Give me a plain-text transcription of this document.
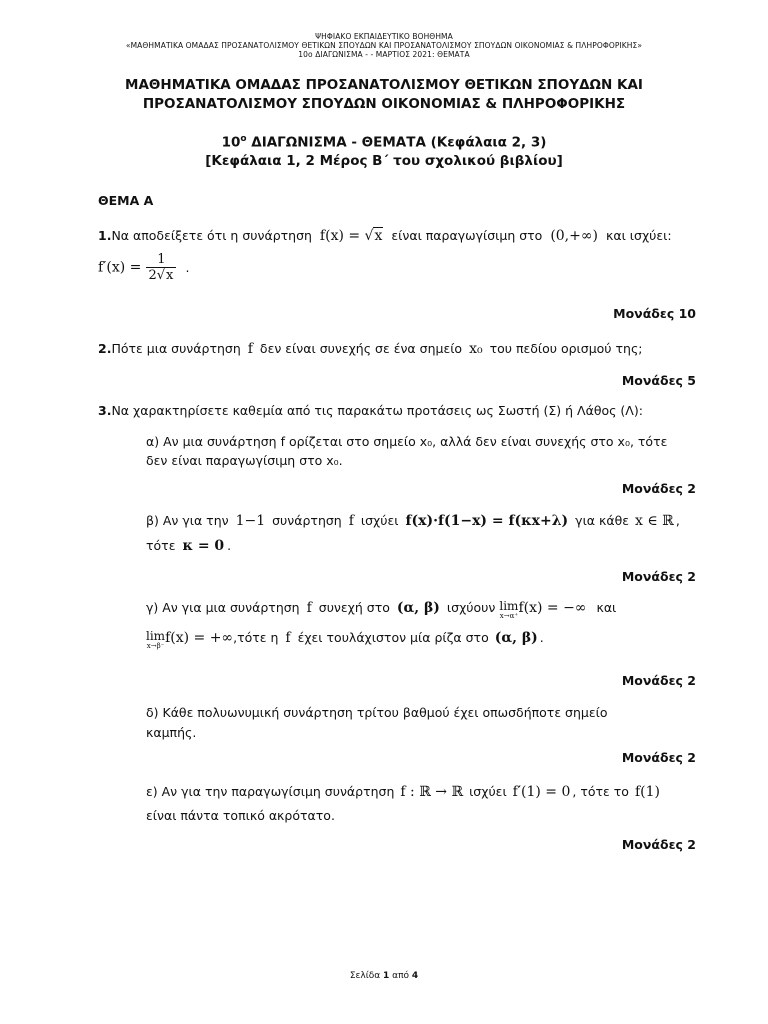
ΨΗΦΙΑΚΟ ΕΚΠΑΙΔΕΥΤΙΚΟ ΒΟΗΘΗΜΑ
«ΜΑΘΗΜΑΤΙΚΑ ΟΜΑΔΑΣ ΠΡΟΣΑΝΑΤΟΛΙΣΜΟΥ ΘΕΤΙΚΩΝ ΣΠΟΥΔΩΝ ΚΑΙ ΠΡΟΣΑΝΑΤΟΛΙΣΜΟΥ ΣΠΟΥΔΩΝ ΟΙΚΟΝΟΜΙΑΣ & ΠΛΗΡΟΦΟΡΙΚΗΣ»
10ο ΔΙΑΓΩΝΙΣΜΑ - - ΜΑΡΤΙΟΣ 2021: ΘΕΜΑΤΑ
ΜΑΘΗΜΑΤΙΚΑ ΟΜΑΔΑΣ ΠΡΟΣΑΝΑΤΟΛΙΣΜΟΥ ΘΕΤΙΚΩΝ ΣΠΟΥΔΩΝ ΚΑΙ
ΠΡΟΣΑΝΑΤΟΛΙΣΜΟΥ ΣΠΟΥΔΩΝ ΟΙΚΟΝΟΜΙΑΣ & ΠΛΗΡΟΦΟΡΙΚΗΣ
$10^o$ ΔΙΑΓΩΝΙΣΜΑ - ΘΕΜΑΤΑ (Κεφάλαια 2, 3)
[Κεφάλαια 1, 2 Μέρος Β΄ του σχολικού βιβλίου]
ΘΕΜΑ Α
1.Να αποδείξετε ότι η συνάρτηση f(x) = √x είναι παραγωγίσιμη στο (0,+∞) και ισχύει:
$f'(x) = \frac{1}{2√x}$ .
Μονάδες 10
2.Πότε μια συνάρτηση f δεν είναι συνεχής σε ένα σημείο x₀ του πεδίου ορισμού της;
Μονάδες 5
3.Να χαρακτηρίσετε καθεμία από τις παρακάτω προτάσεις ως Σωστή (Σ) ή Λάθος (Λ):
α) Αν μια συνάρτηση f ορίζεται στο σημείο x₀, αλλά δεν είναι συνεχής στο x₀, τότε
δεν είναι παραγωγίσιμη στο x₀.
Μονάδες 2
β) Αν για την 1−1 συνάρτηση f ισχύει f(x)·f(1−x) = f(κx+λ) για κάθε x ∈ ℝ ,
τότε κ = 0 .
Μονάδες 2
γ) Αν για μια συνάρτηση f συνεχή στο (α, β) ισχύουν lim
x→α⁺ f(x) = −∞ και
lim
x→β⁻ f(x) = +∞,τότε η f έχει τουλάχιστον μία ρίζα στο (α, β) .
Μονάδες 2
δ) Κάθε πολυωνυμική συνάρτηση τρίτου βαθμού έχει οπωσδήποτε σημείο
καμπής.
Μονάδες 2
ε) Αν για την παραγωγίσιμη συνάρτηση f : ℝ → ℝ ισχύει f′(1) = 0 , τότε το f(1)
είναι πάντα τοπικό ακρότατο.
Μονάδες 2
Σελίδα 1 από 4
